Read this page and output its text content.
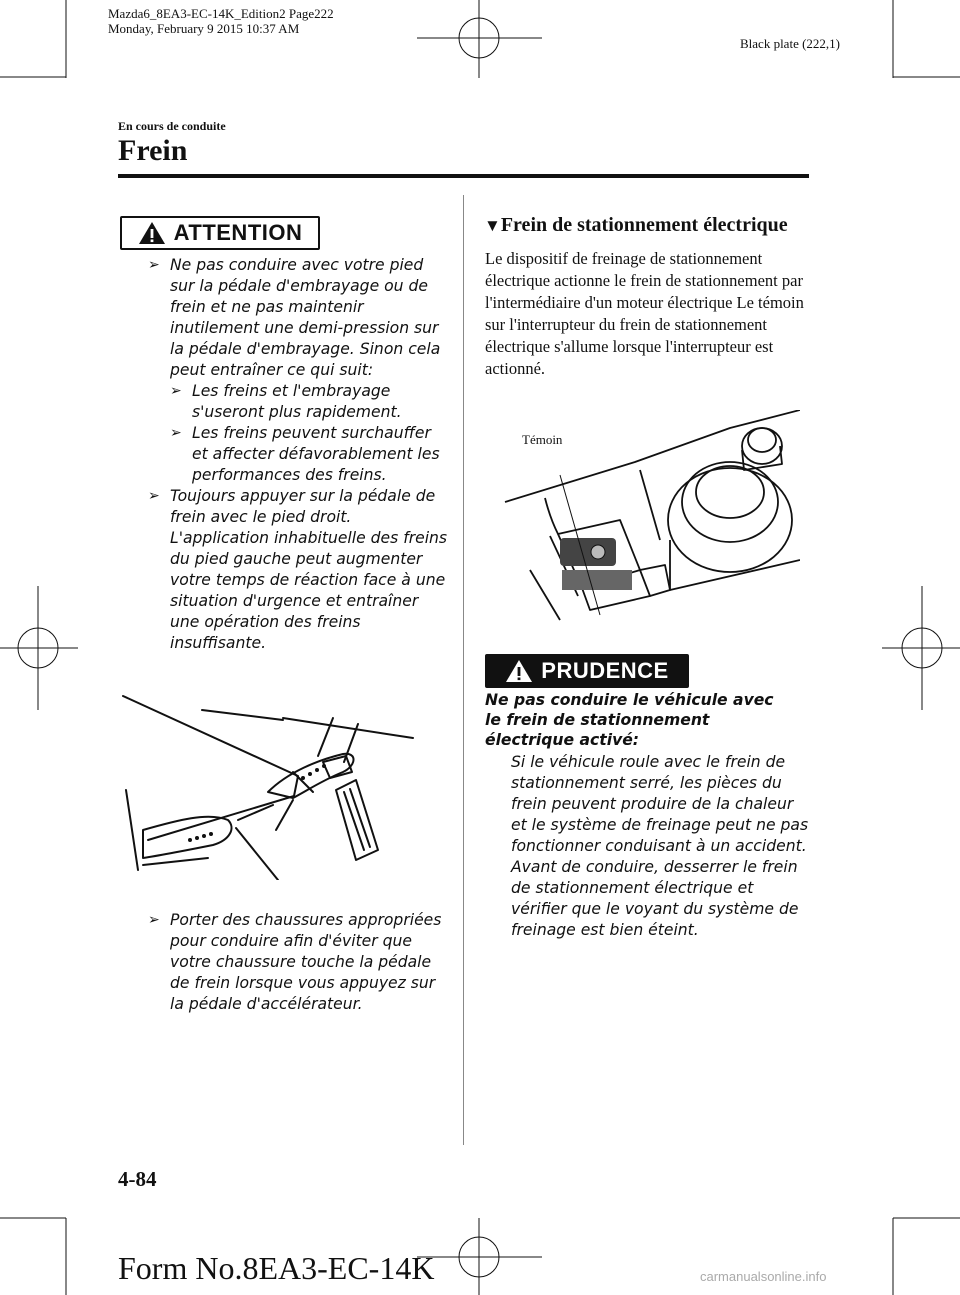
Mazda6_8EA3-EC-14K_Edition2 Page222
Monday, February 9 2015 10:37 AM
Black plate (222,1)
En cours de conduite
Frein
ATTENTION
➢ Ne pas conduire avec votre pied sur la pédale d'embrayage ou de frein et ne pas maintenir inutilement une demi-pression sur la pédale d'embrayage. Sinon cela peut entraîner ce qui suit:
➢ Les freins et l'embrayage s'useront plus rapidement.
➢ Les freins peuvent surchauffer et affecter défavorablement les performances des freins.
➢ Toujours appuyer sur la pédale de frein avec le pied droit. L'application inhabituelle des freins du pied gauche peut augmenter votre temps de réaction face à une situation d'urgence et entraîner une opération des freins insuffisante.
➢ Porter des chaussures appropriées pour conduire afin d'éviter que votre chaussure touche la pédale de frein lorsque vous appuyez sur la pédale d'accélérateur.
▼Frein de stationnement électrique
Le dispositif de freinage de stationnement électrique actionne le frein de stationnement par l'intermédiaire d'un moteur électrique Le témoin sur l'interrupteur du frein de stationnement électrique s'allume lorsque l'interrupteur est actionné.
Témoin
PRUDENCE
Ne pas conduire le véhicule avec le frein de stationnement électrique activé:
Si le véhicule roule avec le frein de stationnement serré, les pièces du frein peuvent produire de la chaleur et le système de freinage peut ne pas fonctionner conduisant à un accident.
Avant de conduire, desserrer le frein de stationnement électrique et vérifier que le voyant du système de freinage est bien éteint.
4-84
Form No.8EA3-EC-14K	carmanualsonline.info
